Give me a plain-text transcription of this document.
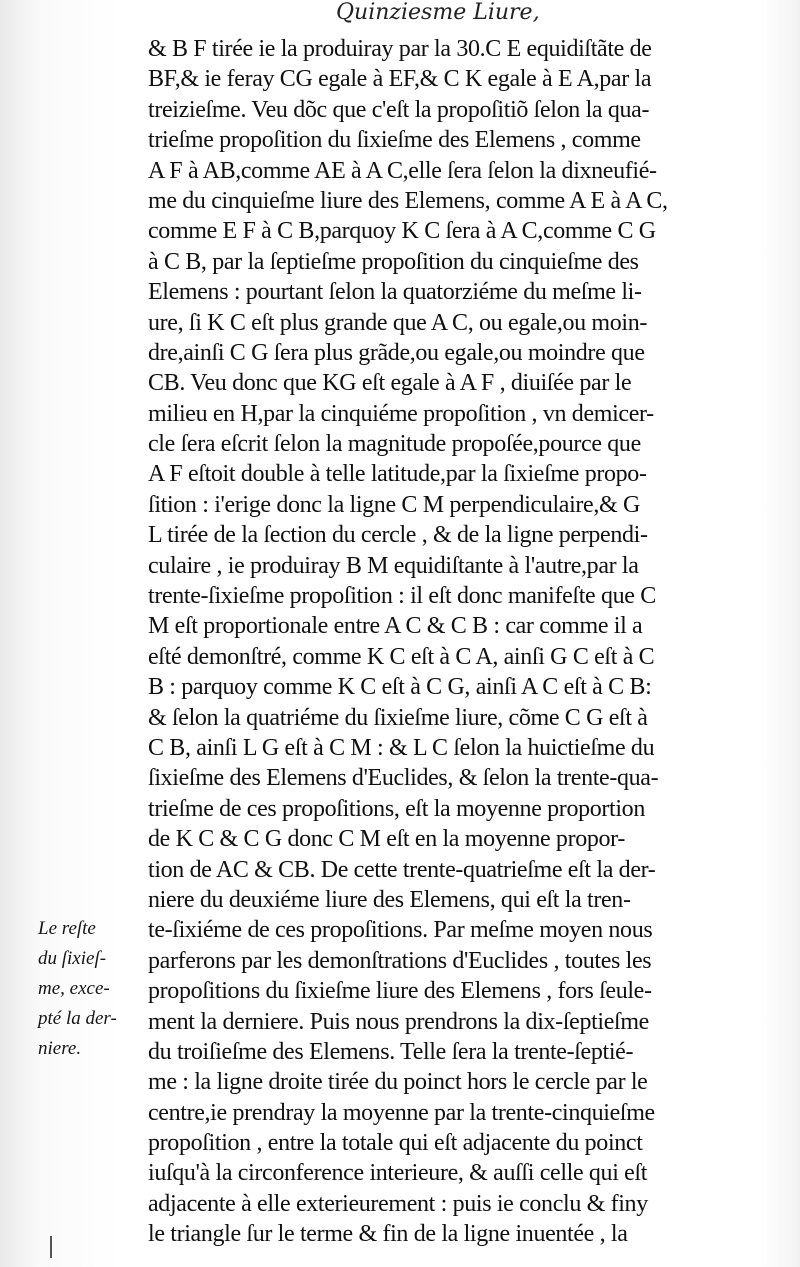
Quinziesme Liure,
& B F tirée ie la produiray par la 30.C E equidiſtãte de
BF,& ie feray CG egale à EF,& C K egale à E A,par la
treizieſme. Veu dõc que c'eſt la propoſitiõ ſelon la qua-
trieſme propoſition du ſixieſme des Elemens , comme
A F à AB,comme AE à A C,elle ſera ſelon la dixneufié-
me du cinquieſme liure des Elemens, comme A E à A C,
comme E F à C B,parquoy K C ſera à A C,comme C G
à C B, par la ſeptieſme propoſition du cinquieſme des
Elemens : pourtant ſelon la quatorziéme du meſme li-
ure, ſi K C eſt plus grande que A C, ou egale,ou moin-
dre,ainſi C G ſera plus grãde,ou egale,ou moindre que
CB. Veu donc que KG eſt egale à A F , diuiſée par le
milieu en H,par la cinquiéme propoſition , vn demicer-
cle ſera eſcrit ſelon la magnitude propoſée,pource que
A F eſtoit double à telle latitude,par la ſixieſme propo-
ſition : i'erige donc la ligne C M perpendiculaire,& G
L tirée de la ſection du cercle , & de la ligne perpendi-
culaire , ie produiray B M equidiſtante à l'autre,par la
trente-ſixieſme propoſition : il eſt donc manifeſte que C
M eſt proportionale entre A C & C B : car comme il a
eſté demonſtré, comme K C eſt à C A, ainſi G C eſt à C
B : parquoy comme K C eſt à C G, ainſi A C eſt à C B:
& ſelon la quatriéme du ſixieſme liure, cõme C G eſt à
C B, ainſi L G eſt à C M : & L C ſelon la huictieſme du
ſixieſme des Elemens d'Euclides, & ſelon la trente-qua-
trieſme de ces propoſitions, eſt la moyenne proportion
de K C & C G donc C M eſt en la moyenne propor-
tion de AC & CB. De cette trente-quatrieſme eſt la der-
niere du deuxiéme liure des Elemens, qui eſt la tren-
te-ſixiéme de ces propoſitions. Par meſme moyen nous
parferons par les demonſtrations d'Euclides , toutes les
propoſitions du ſixieſme liure des Elemens , fors ſeule-
ment la derniere. Puis nous prendrons la dix-ſeptieſme
du troiſieſme des Elemens. Telle ſera la trente-ſeptié-
me : la ligne droite tirée du poinct hors le cercle par le
centre,ie prendray la moyenne par la trente-cinquieſme
propoſition , entre la totale qui eſt adjacente du poinct
iuſqu'à la circonference interieure, & auſſi celle qui eſt
adjacente à elle exterieurement : puis ie conclu & finy
le triangle ſur le terme & fin de la ligne inuentée , la
Le reſte
du ſixieſ-
me, exce-
pté la der-
niere.
